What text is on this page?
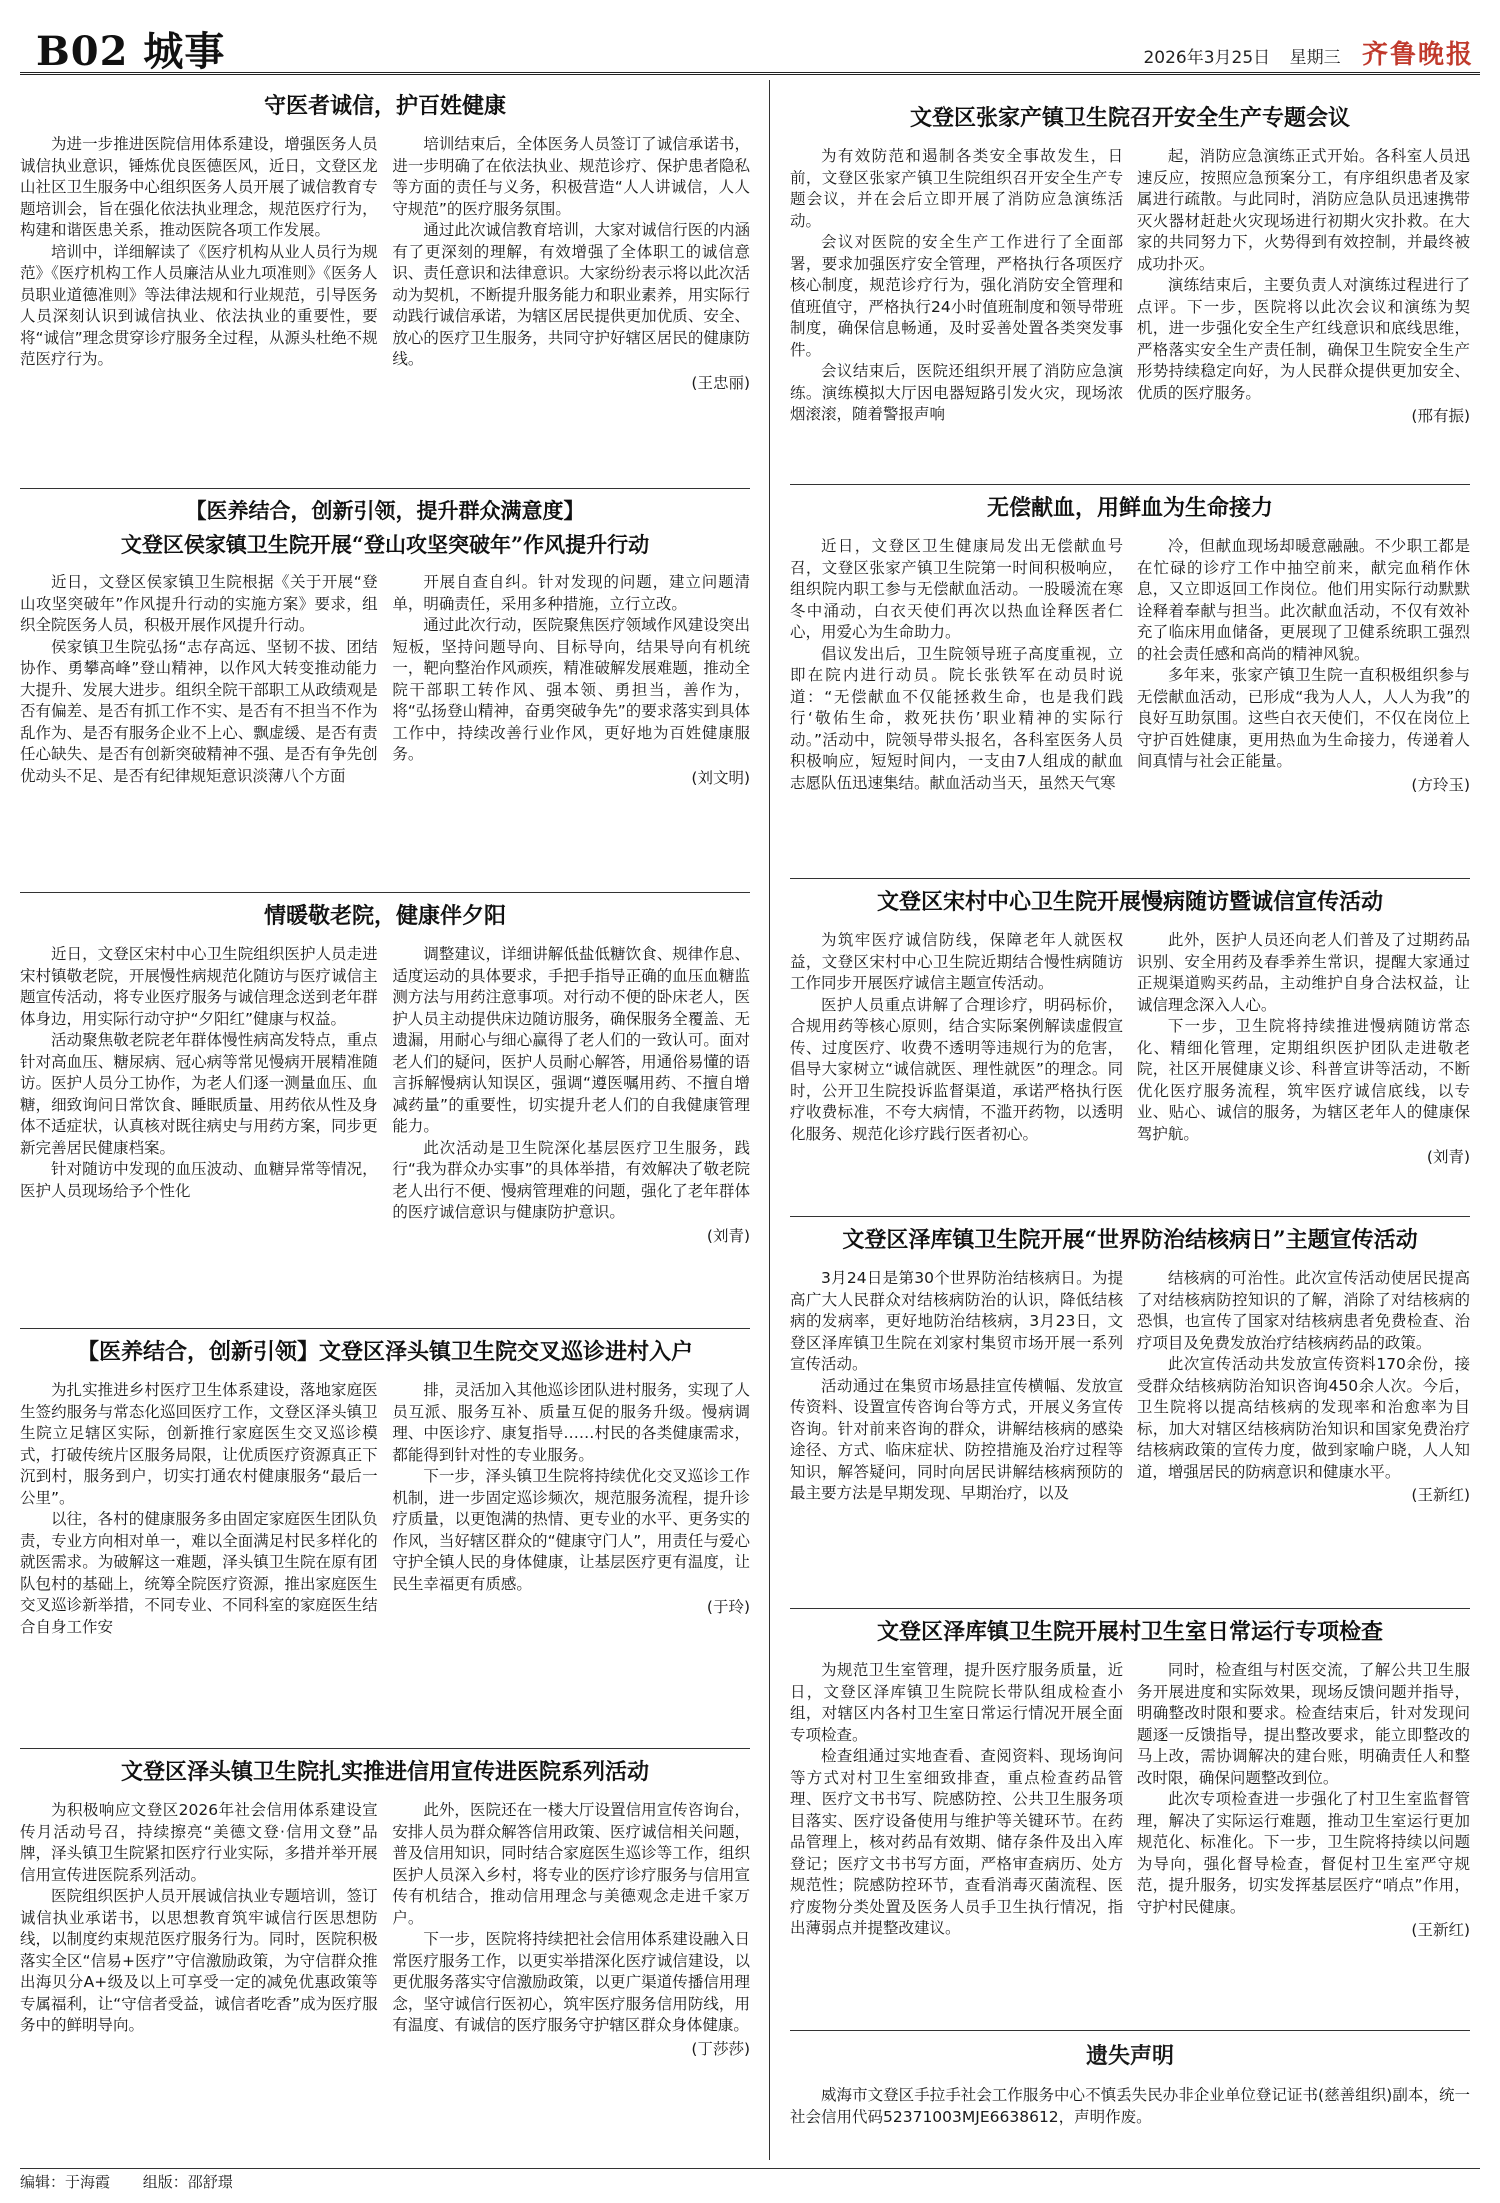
B02 城事	2026年3月25日 星期三 齐鲁晚报
守医者诚信，护百姓健康

为进一步推进医院信用体系建设，增强医务人员诚信执业意识，锤炼优良医德医风，近日，文登区龙山社区卫生服务中心组织医务人员开展了诚信教育专题培训会，旨在强化依法执业理念，规范医疗行为，构建和谐医患关系，推动医院各项工作发展。

培训中，详细解读了《医疗机构从业人员行为规范》《医疗机构工作人员廉洁从业九项准则》《医务人员职业道德准则》等法律法规和行业规范，引导医务人员深刻认识到诚信执业、依法执业的重要性，要将“诚信”理念贯穿诊疗服务全过程，从源头杜绝不规范医疗行为。

培训结束后，全体医务人员签订了诚信承诺书，进一步明确了在依法执业、规范诊疗、保护患者隐私等方面的责任与义务，积极营造“人人讲诚信，人人守规范”的医疗服务氛围。

通过此次诚信教育培训，大家对诚信行医的内涵有了更深刻的理解，有效增强了全体职工的诚信意识、责任意识和法律意识。大家纷纷表示将以此次活动为契机，不断提升服务能力和职业素养，用实际行动践行诚信承诺，为辖区居民提供更加优质、安全、放心的医疗卫生服务，共同守护好辖区居民的健康防线。

(王忠丽)
【医养结合，创新引领，提升群众满意度】
文登区侯家镇卫生院开展“登山攻坚突破年”作风提升行动

近日，文登区侯家镇卫生院根据《关于开展“登山攻坚突破年”作风提升行动的实施方案》要求，组织全院医务人员，积极开展作风提升行动。

侯家镇卫生院弘扬“志存高远、坚韧不拔、团结协作、勇攀高峰”登山精神，以作风大转变推动能力大提升、发展大进步。组织全院干部职工从政绩观是否有偏差、是否有抓工作不实、是否有不担当不作为乱作为、是否有服务企业不上心、飘虚缓、是否有责任心缺失、是否有创新突破精神不强、是否有争先创优动头不足、是否有纪律规矩意识淡薄八个方面

开展自查自纠。针对发现的问题，建立问题清单，明确责任，采用多种措施，立行立改。

通过此次行动，医院聚焦医疗领域作风建设突出短板，坚持问题导向、目标导向，结果导向有机统一，靶向整治作风顽疾，精准破解发展难题，推动全院干部职工转作风、强本领、勇担当，善作为，将“弘扬登山精神，奋勇突破争先”的要求落实到具体工作中，持续改善行业作风，更好地为百姓健康服务。

(刘文明)
情暖敬老院，健康伴夕阳

近日，文登区宋村中心卫生院组织医护人员走进宋村镇敬老院，开展慢性病规范化随访与医疗诚信主题宣传活动，将专业医疗服务与诚信理念送到老年群体身边，用实际行动守护“夕阳红”健康与权益。

活动聚焦敬老院老年群体慢性病高发特点，重点针对高血压、糖尿病、冠心病等常见慢病开展精准随访。医护人员分工协作，为老人们逐一测量血压、血糖，细致询问日常饮食、睡眠质量、用药依从性及身体不适症状，认真核对既往病史与用药方案，同步更新完善居民健康档案。

针对随访中发现的血压波动、血糖异常等情况，医护人员现场给予个性化

调整建议，详细讲解低盐低糖饮食、规律作息、适度运动的具体要求，手把手指导正确的血压血糖监测方法与用药注意事项。对行动不便的卧床老人，医护人员主动提供床边随访服务，确保服务全覆盖、无遗漏，用耐心与细心赢得了老人们的一致认可。面对老人们的疑问，医护人员耐心解答，用通俗易懂的语言拆解慢病认知误区，强调“遵医嘱用药、不擅自增减药量”的重要性，切实提升老人们的自我健康管理能力。

此次活动是卫生院深化基层医疗卫生服务，践行“我为群众办实事”的具体举措，有效解决了敬老院老人出行不便、慢病管理难的问题，强化了老年群体的医疗诚信意识与健康防护意识。

(刘青)
【医养结合，创新引领】文登区泽头镇卫生院交叉巡诊进村入户

为扎实推进乡村医疗卫生体系建设，落地家庭医生签约服务与常态化巡回医疗工作，文登区泽头镇卫生院立足辖区实际，创新推行家庭医生交叉巡诊模式，打破传统片区服务局限，让优质医疗资源真正下沉到村，服务到户，切实打通农村健康服务“最后一公里”。

以往，各村的健康服务多由固定家庭医生团队负责，专业方向相对单一，难以全面满足村民多样化的就医需求。为破解这一难题，泽头镇卫生院在原有团队包村的基础上，统筹全院医疗资源，推出家庭医生交叉巡诊新举措，不同专业、不同科室的家庭医生结合自身工作安

排，灵活加入其他巡诊团队进村服务，实现了人员互派、服务互补、质量互促的服务升级。慢病调理、中医诊疗、康复指导……村民的各类健康需求，都能得到针对性的专业服务。

下一步，泽头镇卫生院将持续优化交叉巡诊工作机制，进一步固定巡诊频次，规范服务流程，提升诊疗质量，以更饱满的热情、更专业的水平、更务实的作风，当好辖区群众的“健康守门人”，用责任与爱心守护全镇人民的身体健康，让基层医疗更有温度，让民生幸福更有质感。

(于玲)
文登区泽头镇卫生院扎实推进信用宣传进医院系列活动

为积极响应文登区2026年社会信用体系建设宣传月活动号召，持续擦亮“美德文登·信用文登”品牌，泽头镇卫生院紧扣医疗行业实际，多措并举开展信用宣传进医院系列活动。

医院组织医护人员开展诚信执业专题培训，签订诚信执业承诺书，以思想教育筑牢诚信行医思想防线，以制度约束规范医疗服务行为。同时，医院积极落实全区“信易+医疗”守信激励政策，为守信群众推出海贝分A+级及以上可享受一定的减免优惠政策等专属福利，让“守信者受益，诚信者吃香”成为医疗服务中的鲜明导向。

此外，医院还在一楼大厅设置信用宣传咨询台，安排人员为群众解答信用政策、医疗诚信相关问题，普及信用知识，同时结合家庭医生巡诊等工作，组织医护人员深入乡村，将专业的医疗诊疗服务与信用宣传有机结合，推动信用理念与美德观念走进千家万户。

下一步，医院将持续把社会信用体系建设融入日常医疗服务工作，以更实举措深化医疗诚信建设，以更优服务落实守信激励政策，以更广渠道传播信用理念，坚守诚信行医初心，筑牢医疗服务信用防线，用有温度、有诚信的医疗服务守护辖区群众身体健康。

(丁莎莎)
文登区张家产镇卫生院召开安全生产专题会议

为有效防范和遏制各类安全事故发生，日前，文登区张家产镇卫生院组织召开安全生产专题会议，并在会后立即开展了消防应急演练活动。

会议对医院的安全生产工作进行了全面部署，要求加强医疗安全管理，严格执行各项医疗核心制度，规范诊疗行为，强化消防安全管理和值班值守，严格执行24小时值班制度和领导带班制度，确保信息畅通，及时妥善处置各类突发事件。

会议结束后，医院还组织开展了消防应急演练。演练模拟大厅因电器短路引发火灾，现场浓烟滚滚，随着警报声响

起，消防应急演练正式开始。各科室人员迅速反应，按照应急预案分工，有序组织患者及家属进行疏散。与此同时，消防应急队员迅速携带灭火器材赶赴火灾现场进行初期火灾扑救。在大家的共同努力下，火势得到有效控制，并最终被成功扑灭。

演练结束后，主要负责人对演练过程进行了点评。下一步，医院将以此次会议和演练为契机，进一步强化安全生产红线意识和底线思维，严格落实安全生产责任制，确保卫生院安全生产形势持续稳定向好，为人民群众提供更加安全、优质的医疗服务。

(邢有振)
无偿献血，用鲜血为生命接力

近日，文登区卫生健康局发出无偿献血号召，文登区张家产镇卫生院第一时间积极响应，组织院内职工参与无偿献血活动。一股暖流在寒冬中涌动，白衣天使们再次以热血诠释医者仁心，用爱心为生命助力。

倡议发出后，卫生院领导班子高度重视，立即在院内进行动员。院长张铁军在动员时说道：“无偿献血不仅能拯救生命，也是我们践行‘敬佑生命，救死扶伤’职业精神的实际行动。”活动中，院领导带头报名，各科室医务人员积极响应，短短时间内，一支由7人组成的献血志愿队伍迅速集结。献血活动当天，虽然天气寒

冷，但献血现场却暖意融融。不少职工都是在忙碌的诊疗工作中抽空前来，献完血稍作休息，又立即返回工作岗位。他们用实际行动默默诠释着奉献与担当。此次献血活动，不仅有效补充了临床用血储备，更展现了卫健系统职工强烈的社会责任感和高尚的精神风貌。

多年来，张家产镇卫生院一直积极组织参与无偿献血活动，已形成“我为人人，人人为我”的良好互助氛围。这些白衣天使们，不仅在岗位上守护百姓健康，更用热血为生命接力，传递着人间真情与社会正能量。

(方玲玉)
文登区宋村中心卫生院开展慢病随访暨诚信宣传活动

为筑牢医疗诚信防线，保障老年人就医权益，文登区宋村中心卫生院近期结合慢性病随访工作同步开展医疗诚信主题宣传活动。

医护人员重点讲解了合理诊疗，明码标价，合规用药等核心原则，结合实际案例解读虚假宣传、过度医疗、收费不透明等违规行为的危害，倡导大家树立“诚信就医、理性就医”的理念。同时，公开卫生院投诉监督渠道，承诺严格执行医疗收费标准，不夸大病情，不滥开药物，以透明化服务、规范化诊疗践行医者初心。

此外，医护人员还向老人们普及了过期药品识别、安全用药及春季养生常识，提醒大家通过正规渠道购买药品，主动维护自身合法权益，让诚信理念深入人心。

下一步，卫生院将持续推进慢病随访常态化、精细化管理，定期组织医护团队走进敬老院，社区开展健康义诊、科普宣讲等活动，不断优化医疗服务流程，筑牢医疗诚信底线，以专业、贴心、诚信的服务，为辖区老年人的健康保驾护航。

(刘青)
文登区泽库镇卫生院开展“世界防治结核病日”主题宣传活动

3月24日是第30个世界防治结核病日。为提高广大人民群众对结核病防治的认识，降低结核病的发病率，更好地防治结核病，3月23日，文登区泽库镇卫生院在刘家村集贸市场开展一系列宣传活动。

活动通过在集贸市场悬挂宣传横幅、发放宣传资料、设置宣传咨询台等方式，开展义务宣传咨询。针对前来咨询的群众，讲解结核病的感染途径、方式、临床症状、防控措施及治疗过程等知识，解答疑问，同时向居民讲解结核病预防的最主要方法是早期发现、早期治疗，以及

结核病的可治性。此次宣传活动使居民提高了对结核病防控知识的了解，消除了对结核病的恐惧，也宣传了国家对结核病患者免费检查、治疗项目及免费发放治疗结核病药品的政策。

此次宣传活动共发放宣传资料170余份，接受群众结核病防治知识咨询450余人次。今后，卫生院将以提高结核病的发现率和治愈率为目标，加大对辖区结核病防治知识和国家免费治疗结核病政策的宣传力度，做到家喻户晓，人人知道，增强居民的防病意识和健康水平。

(王新红)
文登区泽库镇卫生院开展村卫生室日常运行专项检查

为规范卫生室管理，提升医疗服务质量，近日，文登区泽库镇卫生院院长带队组成检查小组，对辖区内各村卫生室日常运行情况开展全面专项检查。

检查组通过实地查看、查阅资料、现场询问等方式对村卫生室细致排查，重点检查药品管理、医疗文书书写、院感防控、公共卫生服务项目落实、医疗设备使用与维护等关键环节。在药品管理上，核对药品有效期、储存条件及出入库登记；医疗文书书写方面，严格审查病历、处方规范性；院感防控环节，查看消毒灭菌流程、医疗废物分类处置及医务人员手卫生执行情况，指出薄弱点并提整改建议。

同时，检查组与村医交流，了解公共卫生服务开展进度和实际效果，现场反馈问题并指导，明确整改时限和要求。检查结束后，针对发现问题逐一反馈指导，提出整改要求，能立即整改的马上改，需协调解决的建台账，明确责任人和整改时限，确保问题整改到位。

此次专项检查进一步强化了村卫生室监督管理，解决了实际运行难题，推动卫生室运行更加规范化、标准化。下一步，卫生院将持续以问题为导向，强化督导检查，督促村卫生室严守规范，提升服务，切实发挥基层医疗“哨点”作用，守护村民健康。

(王新红)
遗失声明
威海市文登区手拉手社会工作服务中心不慎丢失民办非企业单位登记证书(慈善组织)副本，统一社会信用代码52371003MJE6638612，声明作废。
编辑：于海霞 组版：邵舒璟
